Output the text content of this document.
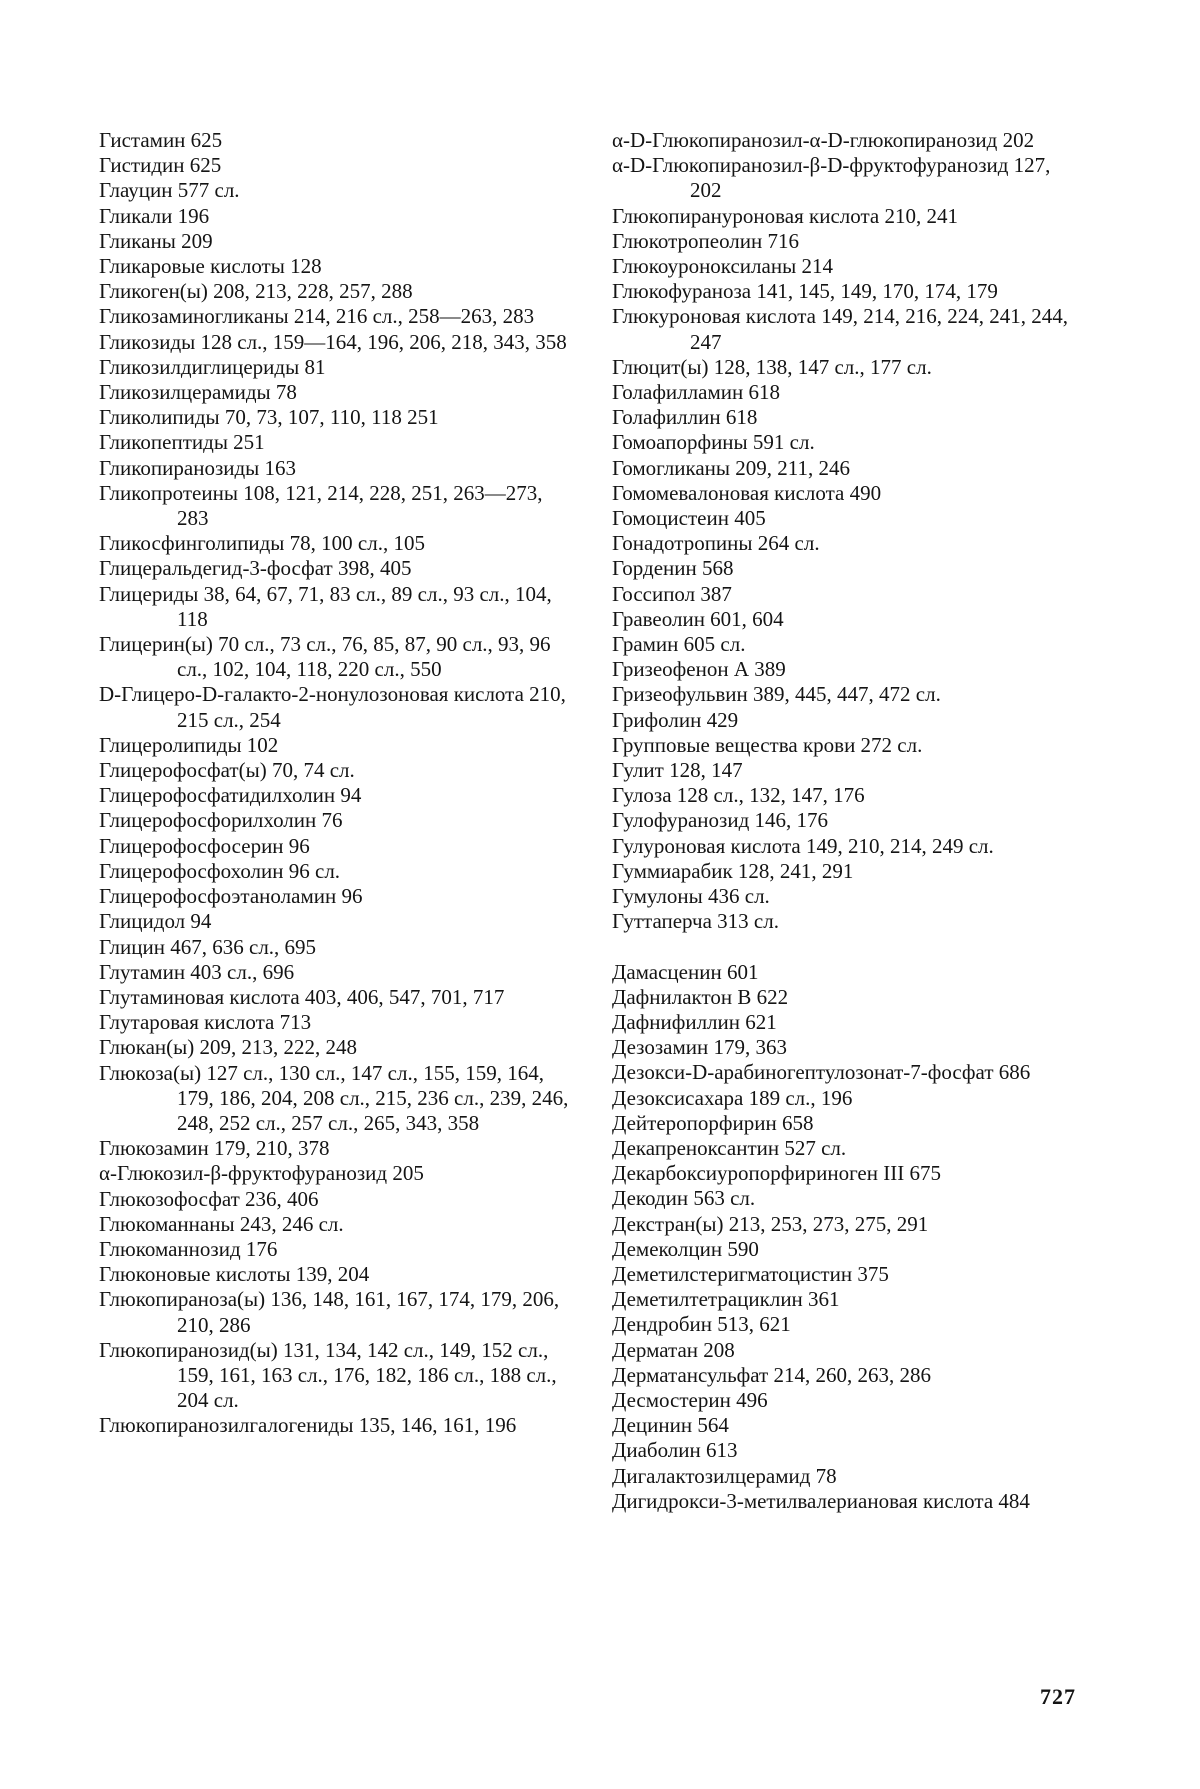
Гистамин 625

Гистидин 625

Глауцин 577 сл.

Гликали 196

Гликаны 209

Гликаровые кислоты 128

Гликоген(ы) 208, 213, 228, 257, 288

Гликозаминогликаны 214, 216 сл., 258—263, 283

Гликозиды 128 сл., 159—164, 196, 206, 218, 343, 358

Гликозилдиглицериды 81

Гликозилцерамиды 78

Гликолипиды 70, 73, 107, 110, 118 251

Гликопептиды 251

Гликопиранозиды 163

Гликопротеины 108, 121, 214, 228, 251, 263—273, 283

Гликосфинголипиды 78, 100 сл., 105

Глицеральдегид-3-фосфат 398, 405

Глицериды 38, 64, 67, 71, 83 сл., 89 сл., 93 сл., 104, 118

Глицерин(ы) 70 сл., 73 сл., 76, 85, 87, 90 сл., 93, 96 сл., 102, 104, 118, 220 сл., 550

D-Глицеро-D-галакто-2-нонулозоновая кислота 210, 215 сл., 254

Глицеролипиды 102

Глицерофосфат(ы) 70, 74 сл.

Глицерофосфатидилхолин 94

Глицерофосфорилхолин 76

Глицерофосфосерин 96

Глицерофосфохолин 96 сл.

Глицерофосфоэтаноламин 96

Глицидол 94

Глицин 467, 636 сл., 695

Глутамин 403 сл., 696

Глутаминовая кислота 403, 406, 547, 701, 717

Глутаровая кислота 713

Глюкан(ы) 209, 213, 222, 248

Глюкоза(ы) 127 сл., 130 сл., 147 сл., 155, 159, 164, 179, 186, 204, 208 сл., 215, 236 сл., 239, 246, 248, 252 сл., 257 сл., 265, 343, 358

Глюкозамин 179, 210, 378

α-Глюкозил-β-фруктофуранозид 205

Глюкозофосфат 236, 406

Глюкоманнаны 243, 246 сл.

Глюкоманнозид 176

Глюконовые кислоты 139, 204

Глюкопираноза(ы) 136, 148, 161, 167, 174, 179, 206, 210, 286

Глюкопиранозид(ы) 131, 134, 142 сл., 149, 152 сл., 159, 161, 163 сл., 176, 182, 186 сл., 188 сл., 204 сл.

Глюкопиранозилгалогениды 135, 146, 161, 196

α-D-Глюкопиранозил-α-D-глюкопиранозид 202

α-D-Глюкопиранозил-β-D-фруктофуранозид 127, 202

Глюкопирануроновая кислота 210, 241

Глюкотропеолин 716

Глюкоуроноксиланы 214

Глюкофураноза 141, 145, 149, 170, 174, 179

Глюкуроновая кислота 149, 214, 216, 224, 241, 244, 247

Глюцит(ы) 128, 138, 147 сл., 177 сл.

Голафилламин 618

Голафиллин 618

Гомоапорфины 591 сл.

Гомогликаны 209, 211, 246

Гомомевалоновая кислота 490

Гомоцистеин 405

Гонадотропины 264 сл.

Горденин 568

Госсипол 387

Гравеолин 601, 604

Грамин 605 сл.

Гризеофенон А 389

Гризеофульвин 389, 445, 447, 472 сл.

Грифолин 429

Групповые вещества крови 272 сл.

Гулит 128, 147

Гулоза 128 сл., 132, 147, 176

Гулофуранозид 146, 176

Гулуроновая кислота 149, 210, 214, 249 сл.

Гуммиарабик 128, 241, 291

Гумулоны 436 сл.

Гуттаперча 313 сл.

Дамасценин 601

Дафнилактон В 622

Дафнифиллин 621

Дезозамин 179, 363

Дезокси-D-арабиногептулозонат-7-фосфат 686

Дезоксисахара 189 сл., 196

Дейтеропорфирин 658

Декапренoксантин 527 сл.

Декарбоксиуропорфириноген III 675

Декодин 563 сл.

Декстран(ы) 213, 253, 273, 275, 291

Демеколцин 590

Деметилстеригматоцистин 375

Деметилтетрациклин 361

Дендробин 513, 621

Дерматан 208

Дерматансульфат 214, 260, 263, 286

Десмостерин 496

Децинин 564

Диаболин 613

Дигалактозилцерамид 78

Дигидрокси-3-метилвалериановая кислота 484

727
